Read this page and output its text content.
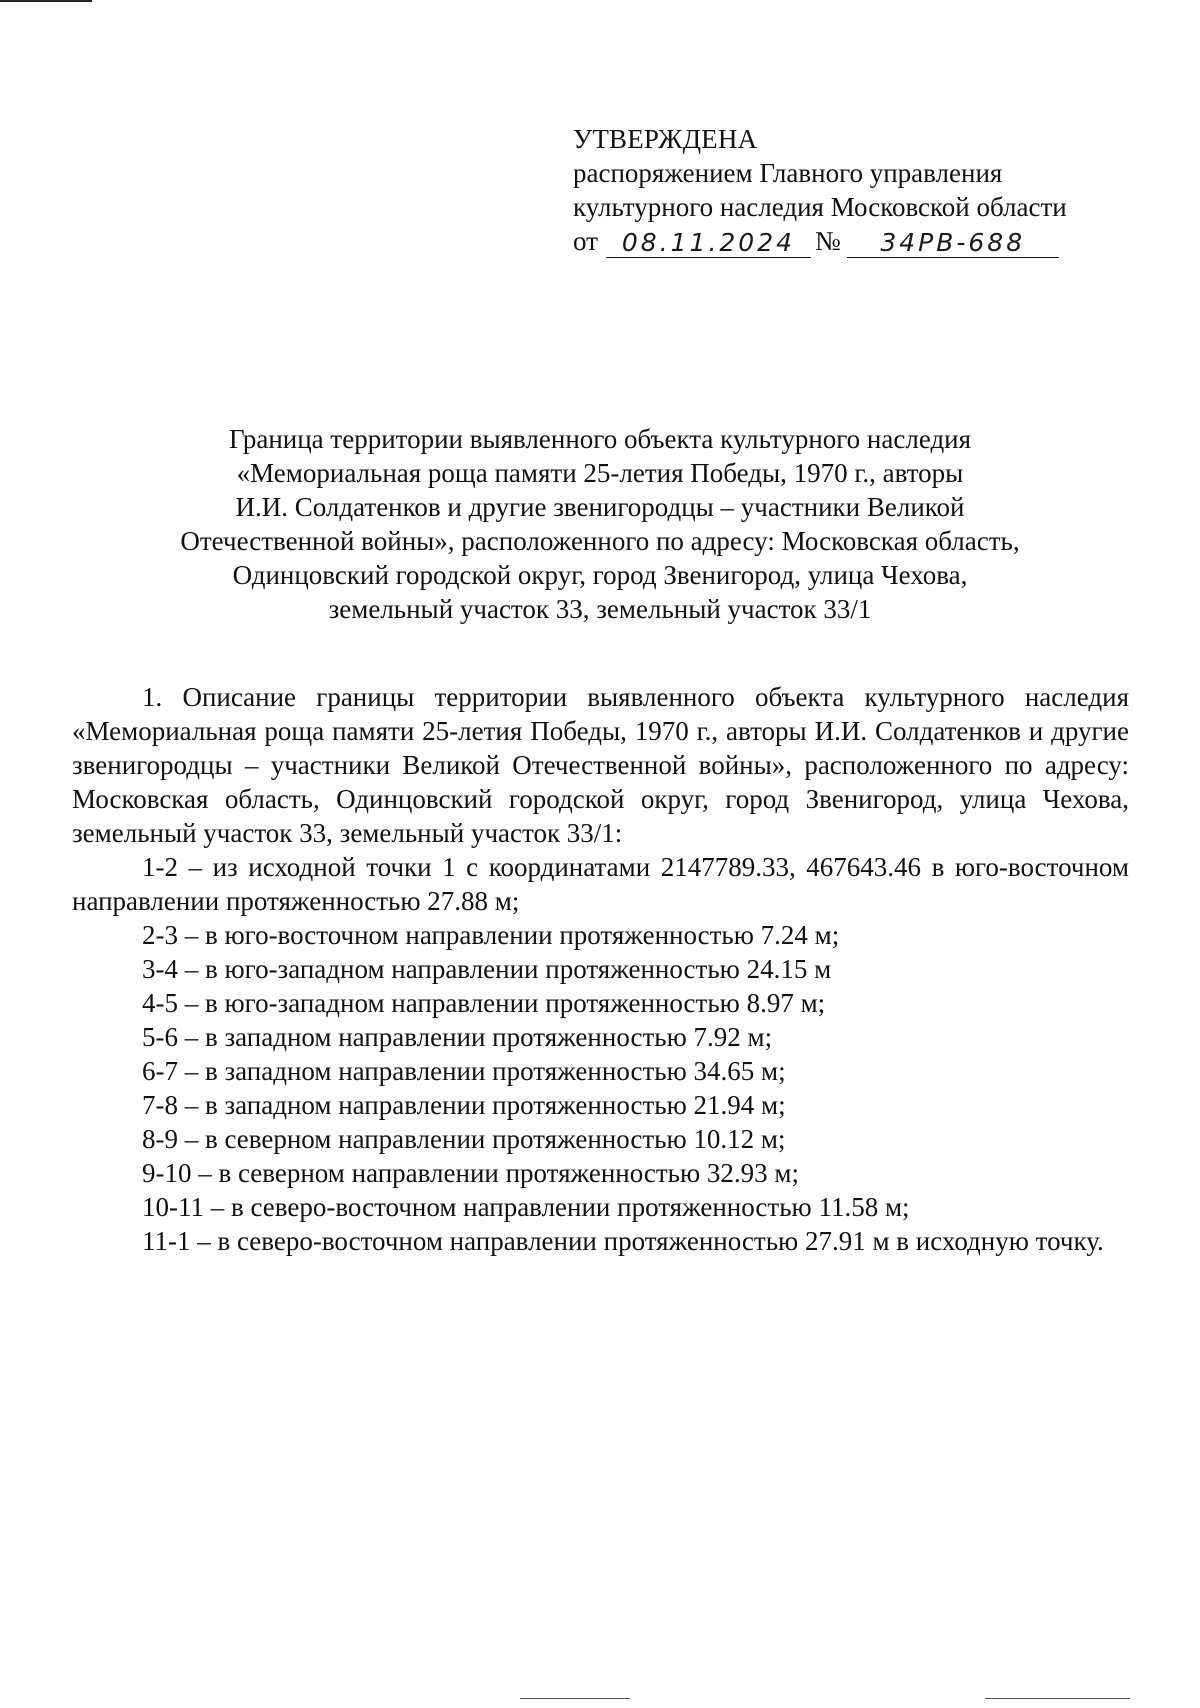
УТВЕРЖДЕНА
распоряжением Главного управления
культурного наследия Московской области
от 08.11.2024 №	34РВ-688
Граница территории выявленного объекта культурного наследия
«Мемориальная роща памяти 25-летия Победы, 1970 г., авторы
И.И. Солдатенков и другие звенигородцы – участники Великой
Отечественной войны», расположенного по адресу: Московская область,
Одинцовский городской округ, город Звенигород, улица Чехова,
земельный участок 33, земельный участок 33/1

1. Описание границы территории выявленного объекта культурного наследия «Мемориальная роща памяти 25-летия Победы, 1970 г., авторы И.И. Солдатенков и другие звенигородцы – участники Великой Отечественной войны», расположенного по адресу: Московская область, Одинцовский городской округ, город Звенигород, улица Чехова, земельный участок 33, земельный участок 33/1:

1-2 – из исходной точки 1 с координатами 2147789.33, 467643.46 в юго-восточном направлении протяженностью 27.88 м;

2-3 – в юго-восточном направлении протяженностью 7.24 м;

3-4 – в юго-западном направлении протяженностью 24.15 м

4-5 – в юго-западном направлении протяженностью 8.97 м;

5-6 – в западном направлении протяженностью 7.92 м;

6-7 – в западном направлении протяженностью 34.65 м;

7-8 – в западном направлении протяженностью 21.94 м;

8-9 – в северном направлении протяженностью 10.12 м;

9-10 – в северном направлении протяженностью 32.93 м;

10-11 – в северо-восточном направлении протяженностью 11.58 м;

11-1 – в северо-восточном направлении протяженностью 27.91 м в исходную точку.
